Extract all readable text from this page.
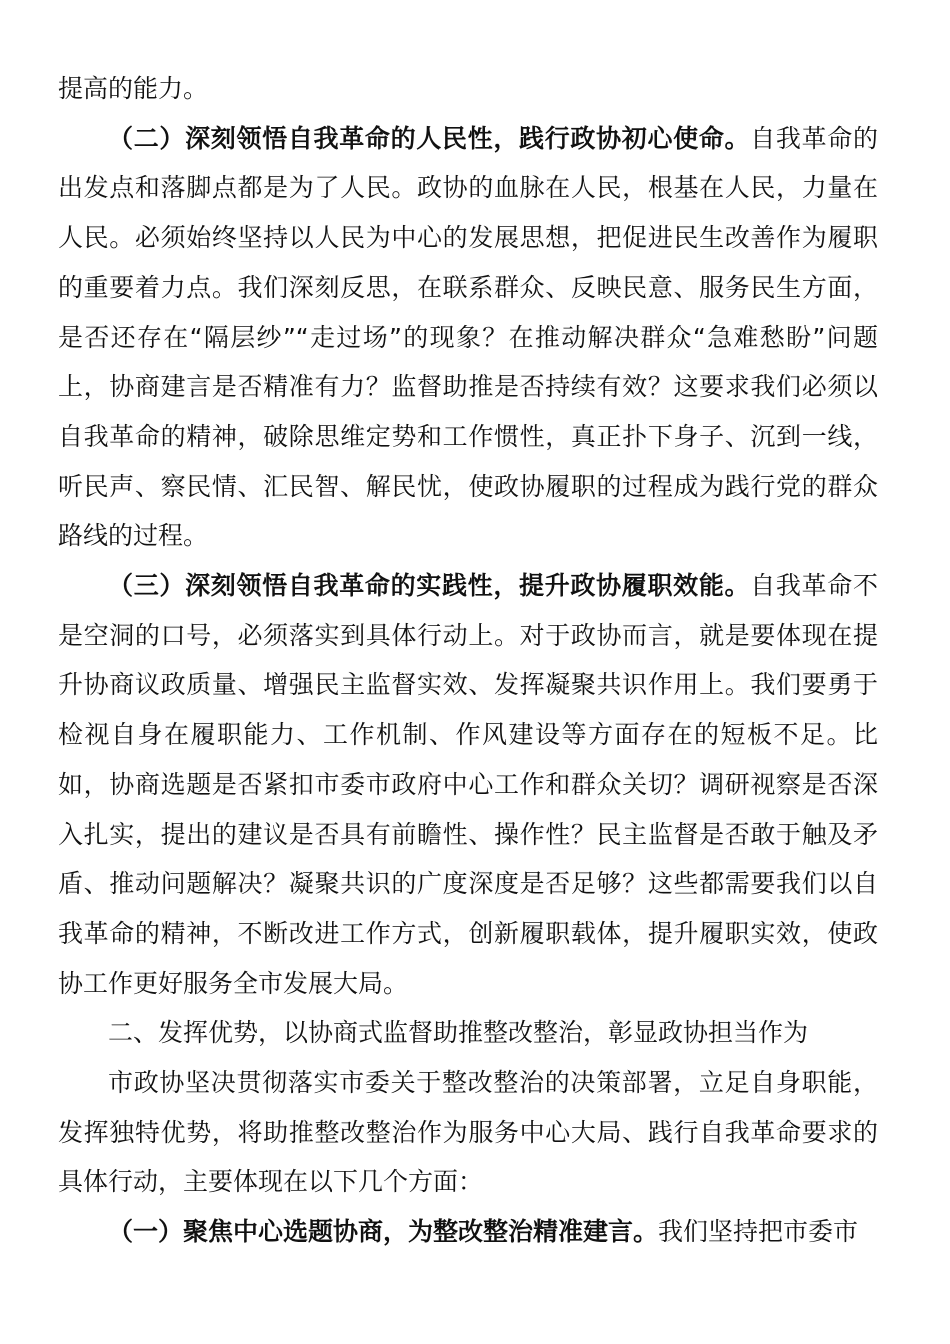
提高的能力。

（二）深刻领悟自我革命的人民性，践行政协初心使命。自我革命的出发点和落脚点都是为了人民。政协的血脉在人民，根基在人民，力量在人民。必须始终坚持以人民为中心的发展思想，把促进民生改善作为履职的重要着力点。我们深刻反思，在联系群众、反映民意、服务民生方面，是否还存在“隔层纱”“走过场”的现象？在推动解决群众“急难愁盼”问题上，协商建言是否精准有力？监督助推是否持续有效？这要求我们必须以自我革命的精神，破除思维定势和工作惯性，真正扑下身子、沉到一线，听民声、察民情、汇民智、解民忧，使政协履职的过程成为践行党的群众路线的过程。

（三）深刻领悟自我革命的实践性，提升政协履职效能。自我革命不是空洞的口号，必须落实到具体行动上。对于政协而言，就是要体现在提升协商议政质量、增强民主监督实效、发挥凝聚共识作用上。我们要勇于检视自身在履职能力、工作机制、作风建设等方面存在的短板不足。比如，协商选题是否紧扣市委市政府中心工作和群众关切？调研视察是否深入扎实，提出的建议是否具有前瞻性、操作性？民主监督是否敢于触及矛盾、推动问题解决？凝聚共识的广度深度是否足够？这些都需要我们以自我革命的精神，不断改进工作方式，创新履职载体，提升履职实效，使政协工作更好服务全市发展大局。

二、发挥优势，以协商式监督助推整改整治，彰显政协担当作为

市政协坚决贯彻落实市委关于整改整治的决策部署，立足自身职能，发挥独特优势，将助推整改整治作为服务中心大局、践行自我革命要求的具体行动，主要体现在以下几个方面：

（一）聚焦中心选题协商，为整改整治精准建言。我们坚持把市委市
